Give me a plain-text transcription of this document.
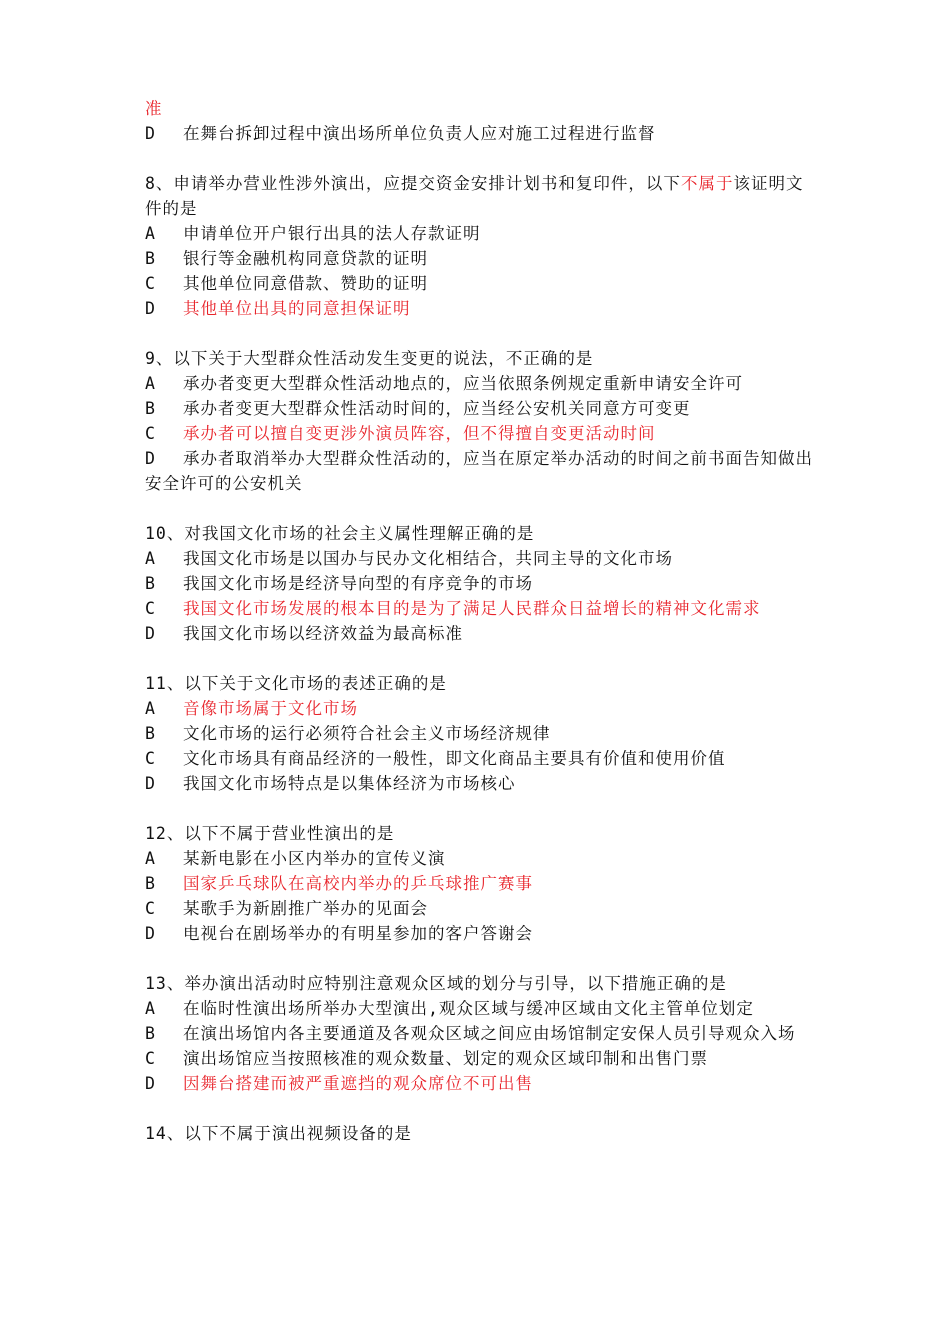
准
D 在舞台拆卸过程中演出场所单位负责人应对施工过程进行监督
8、申请举办营业性涉外演出，应提交资金安排计划书和复印件，以下不属于该证明文件的是
A 申请单位开户银行出具的法人存款证明
B 银行等金融机构同意贷款的证明
C 其他单位同意借款、赞助的证明
D 其他单位出具的同意担保证明
9、以下关于大型群众性活动发生变更的说法，不正确的是
A 承办者变更大型群众性活动地点的，应当依照条例规定重新申请安全许可
B 承办者变更大型群众性活动时间的，应当经公安机关同意方可变更
C 承办者可以擅自变更涉外演员阵容，但不得擅自变更活动时间
D 承办者取消举办大型群众性活动的，应当在原定举办活动的时间之前书面告知做出安全许可的公安机关
10、对我国文化市场的社会主义属性理解正确的是
A 我国文化市场是以国办与民办文化相结合，共同主导的文化市场
B 我国文化市场是经济导向型的有序竞争的市场
C 我国文化市场发展的根本目的是为了满足人民群众日益增长的精神文化需求
D 我国文化市场以经济效益为最高标准
11、以下关于文化市场的表述正确的是
A 音像市场属于文化市场
B 文化市场的运行必须符合社会主义市场经济规律
C 文化市场具有商品经济的一般性，即文化商品主要具有价值和使用价值
D 我国文化市场特点是以集体经济为市场核心
12、以下不属于营业性演出的是
A 某新电影在小区内举办的宣传义演
B 国家乒乓球队在高校内举办的乒乓球推广赛事
C 某歌手为新剧推广举办的见面会
D 电视台在剧场举办的有明星参加的客户答谢会
13、举办演出活动时应特别注意观众区域的划分与引导，以下措施正确的是
A 在临时性演出场所举办大型演出,观众区域与缓冲区域由文化主管单位划定
B 在演出场馆内各主要通道及各观众区域之间应由场馆制定安保人员引导观众入场
C 演出场馆应当按照核准的观众数量、划定的观众区域印制和出售门票
D 因舞台搭建而被严重遮挡的观众席位不可出售
14、以下不属于演出视频设备的是
